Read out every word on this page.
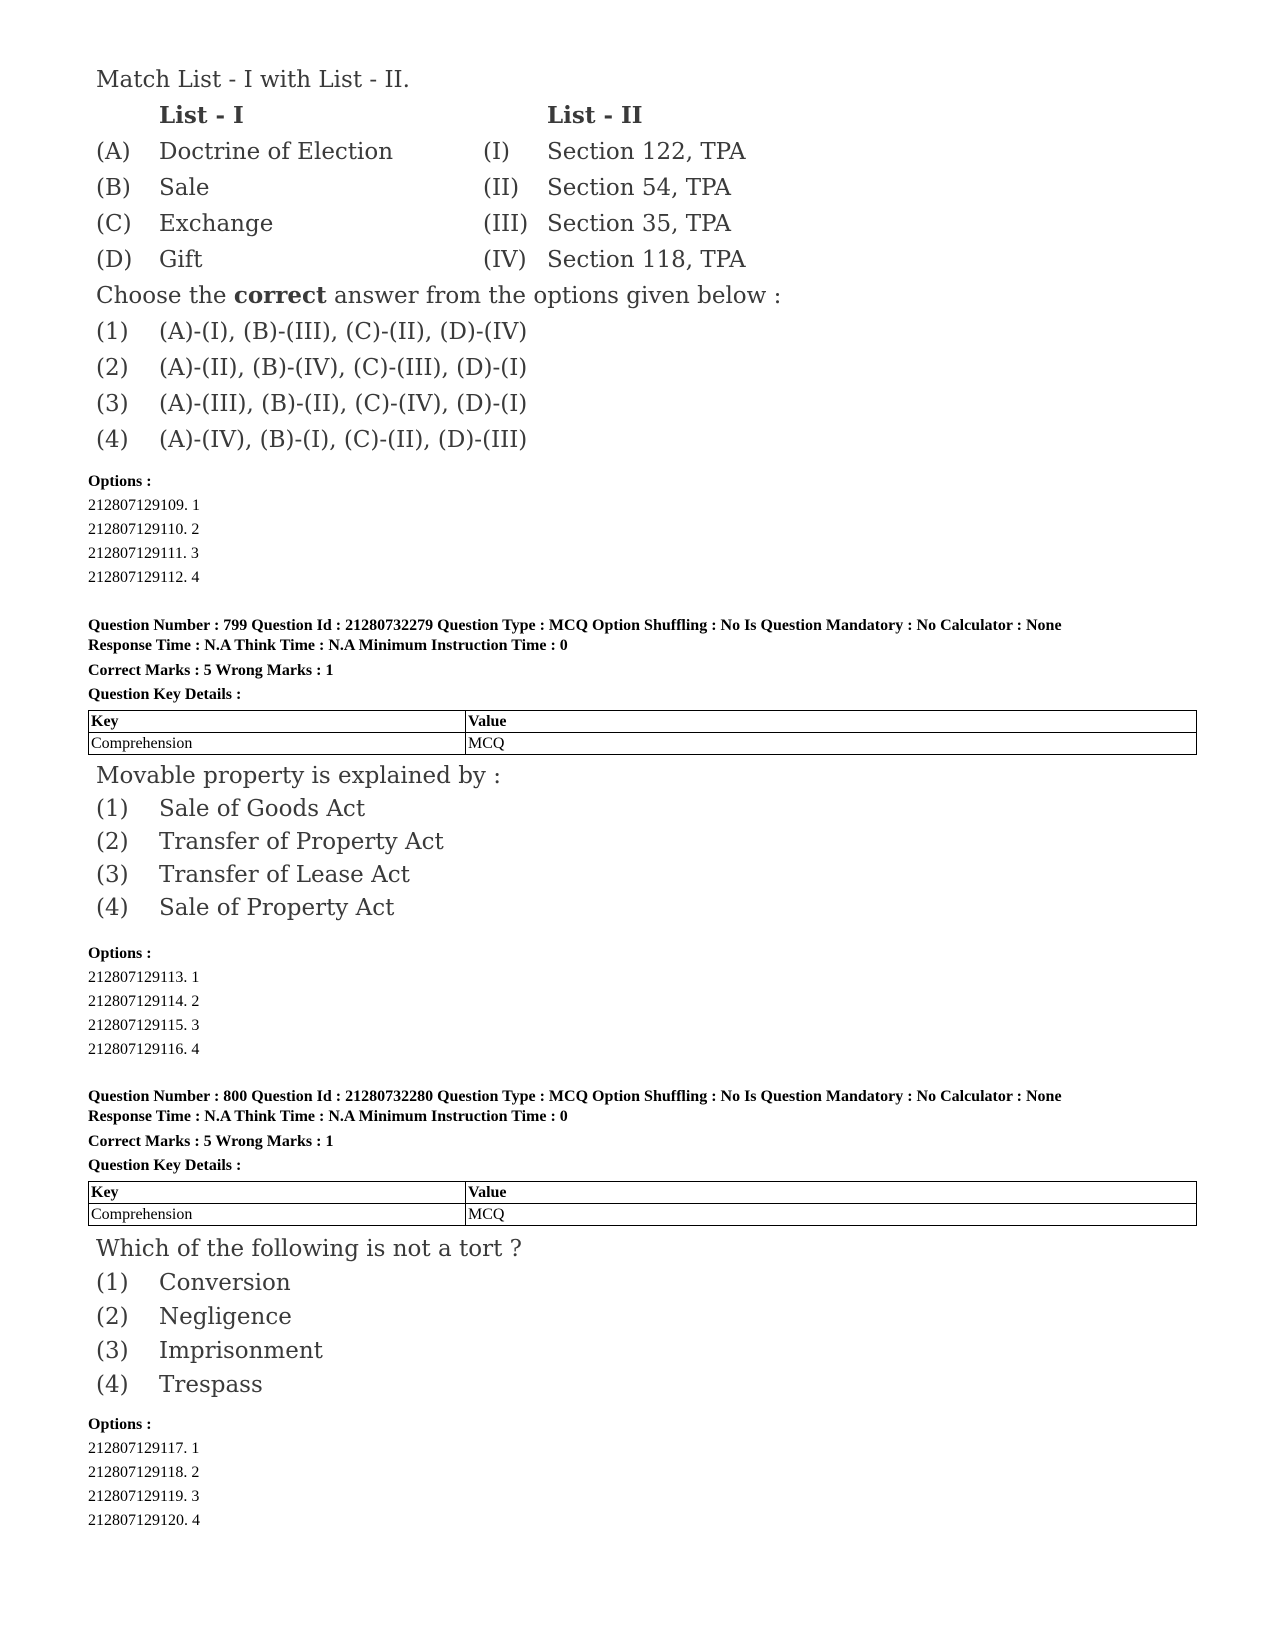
Match List - I with List - II.
List - I	List - II
(A) Doctrine of Election	(I) Section 122, TPA
(B) Sale	(II) Section 54, TPA
(C) Exchange	(III) Section 35, TPA
(D) Gift	(IV) Section 118, TPA
Choose the correct answer from the options given below :
(1) (A)-(I), (B)-(III), (C)-(II), (D)-(IV)
(2) (A)-(II), (B)-(IV), (C)-(III), (D)-(I)
(3) (A)-(III), (B)-(II), (C)-(IV), (D)-(I)
(4) (A)-(IV), (B)-(I), (C)-(II), (D)-(III)
Options :
212807129109. 1
212807129110. 2
212807129111. 3
212807129112. 4
Question Number : 799 Question Id : 21280732279 Question Type : MCQ Option Shuffling : No Is Question Mandatory : No Calculator : None
Response Time : N.A Think Time : N.A Minimum Instruction Time : 0
Correct Marks : 5 Wrong Marks : 1
Question Key Details :
Key	Value
Comprehension	MCQ
Movable property is explained by :
(1) Sale of Goods Act
(2) Transfer of Property Act
(3) Transfer of Lease Act
(4) Sale of Property Act
Options :
212807129113. 1
212807129114. 2
212807129115. 3
212807129116. 4
Question Number : 800 Question Id : 21280732280 Question Type : MCQ Option Shuffling : No Is Question Mandatory : No Calculator : None
Response Time : N.A Think Time : N.A Minimum Instruction Time : 0
Correct Marks : 5 Wrong Marks : 1
Question Key Details :
Key	Value
Comprehension	MCQ
Which of the following is not a tort ?
(1) Conversion
(2) Negligence
(3) Imprisonment
(4) Trespass
Options :
212807129117. 1
212807129118. 2
212807129119. 3
212807129120. 4
